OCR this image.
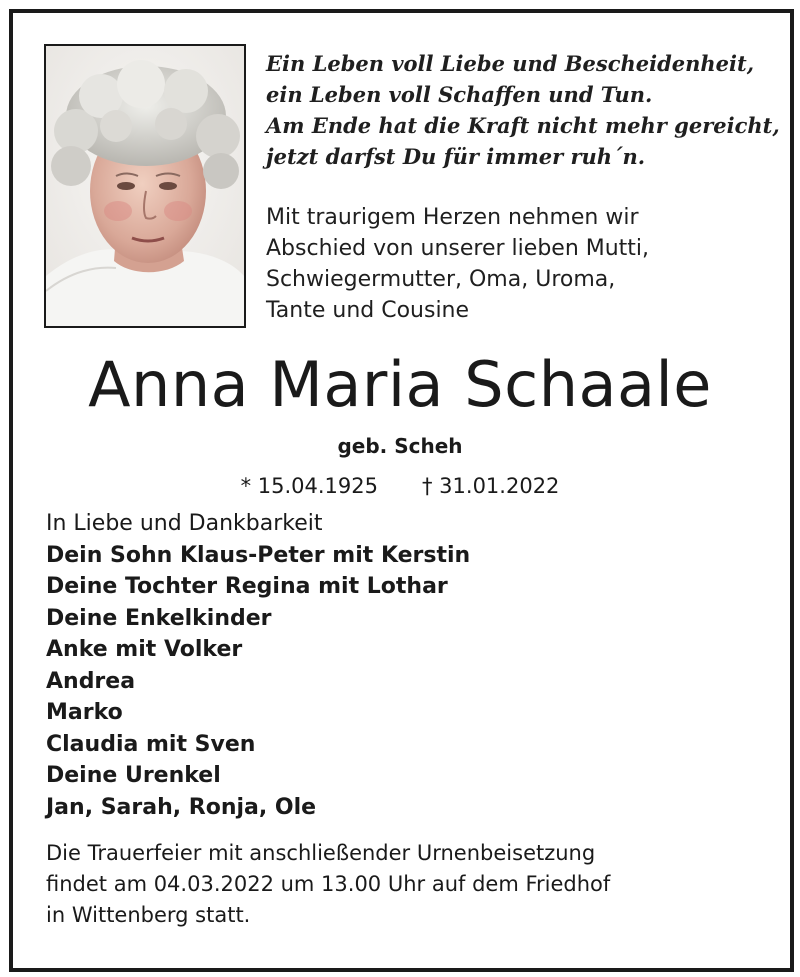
Ein Leben voll Liebe und Bescheidenheit,
ein Leben voll Schaffen und Tun.
Am Ende hat die Kraft nicht mehr gereicht,
jetzt darfst Du für immer ruh´n.
Mit traurigem Herzen nehmen wir
Abschied von unserer lieben Mutti,
Schwiegermutter, Oma, Uroma,
Tante und Cousine
Anna Maria Schaale
geb. Scheh
* 15.04.1925 † 31.01.2022
In Liebe und Dankbarkeit
Dein Sohn Klaus-Peter mit Kerstin
Deine Tochter Regina mit Lothar
Deine Enkelkinder
Anke mit Volker
Andrea
Marko
Claudia mit Sven
Deine Urenkel
Jan, Sarah, Ronja, Ole
Die Trauerfeier mit anschließender Urnenbeisetzung
findet am 04.03.2022 um 13.00 Uhr auf dem Friedhof
in Wittenberg statt.
